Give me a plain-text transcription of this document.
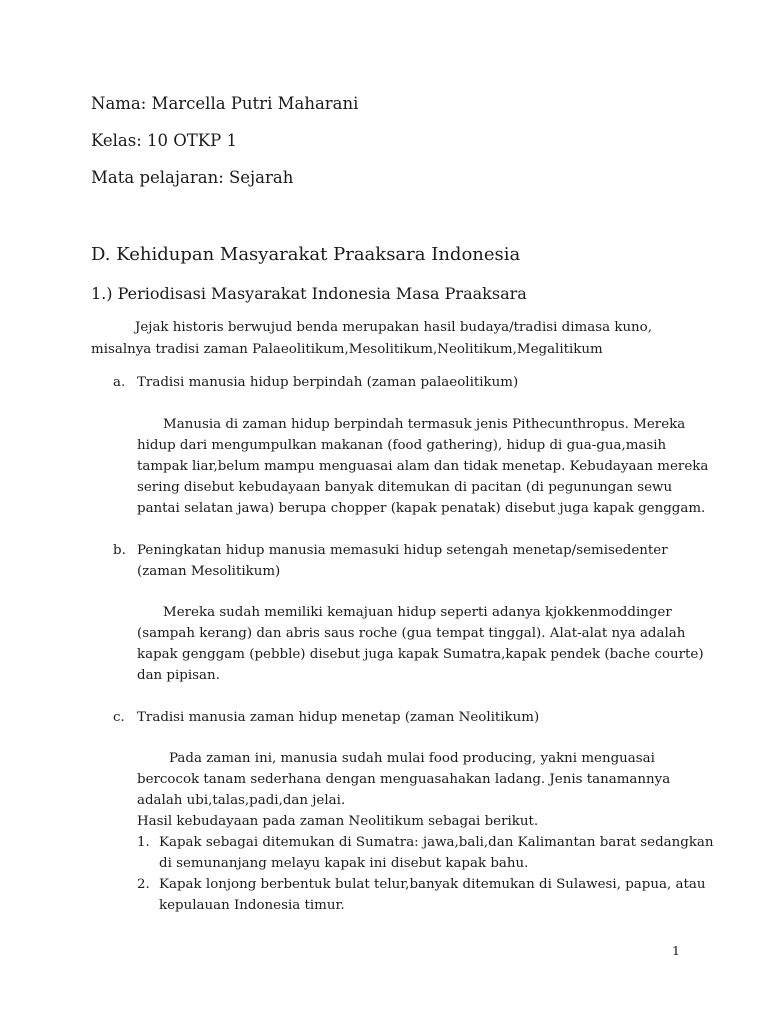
Nama: Marcella Putri Maharani
Kelas: 10 OTKP 1
Mata pelajaran: Sejarah
D. Kehidupan Masyarakat Praaksara Indonesia
1.) Periodisasi Masyarakat Indonesia Masa Praaksara
Jejak historis berwujud benda merupakan hasil budaya/tradisi dimasa kuno,
misalnya tradisi zaman Palaeolitikum,Mesolitikum,Neolitikum,Megalitikum
a. Tradisi manusia hidup berpindah (zaman palaeolitikum)
Manusia di zaman hidup berpindah termasuk jenis Pithecunthropus. Mereka
hidup dari mengumpulkan makanan (food gathering), hidup di gua-gua,masih
tampak liar,belum mampu menguasai alam dan tidak menetap. Kebudayaan mereka
sering disebut kebudayaan banyak ditemukan di pacitan (di pegunungan sewu
pantai selatan jawa) berupa chopper (kapak penatak) disebut juga kapak genggam.
b. Peningkatan hidup manusia memasuki hidup setengah menetap/semisedenter
(zaman Mesolitikum)
Mereka sudah memiliki kemajuan hidup seperti adanya kjokkenmoddinger
(sampah kerang) dan abris saus roche (gua tempat tinggal). Alat-alat nya adalah
kapak genggam (pebble) disebut juga kapak Sumatra,kapak pendek (bache courte)
dan pipisan.
c. Tradisi manusia zaman hidup menetap (zaman Neolitikum)
Pada zaman ini, manusia sudah mulai food producing, yakni menguasai
bercocok tanam sederhana dengan menguasahakan ladang. Jenis tanamannya
adalah ubi,talas,padi,dan jelai.
Hasil kebudayaan pada zaman Neolitikum sebagai berikut.
1. Kapak sebagai ditemukan di Sumatra: jawa,bali,dan Kalimantan barat sedangkan
di semunanjang melayu kapak ini disebut kapak bahu.
2. Kapak lonjong berbentuk bulat telur,banyak ditemukan di Sulawesi, papua, atau
kepulauan Indonesia timur.
1
